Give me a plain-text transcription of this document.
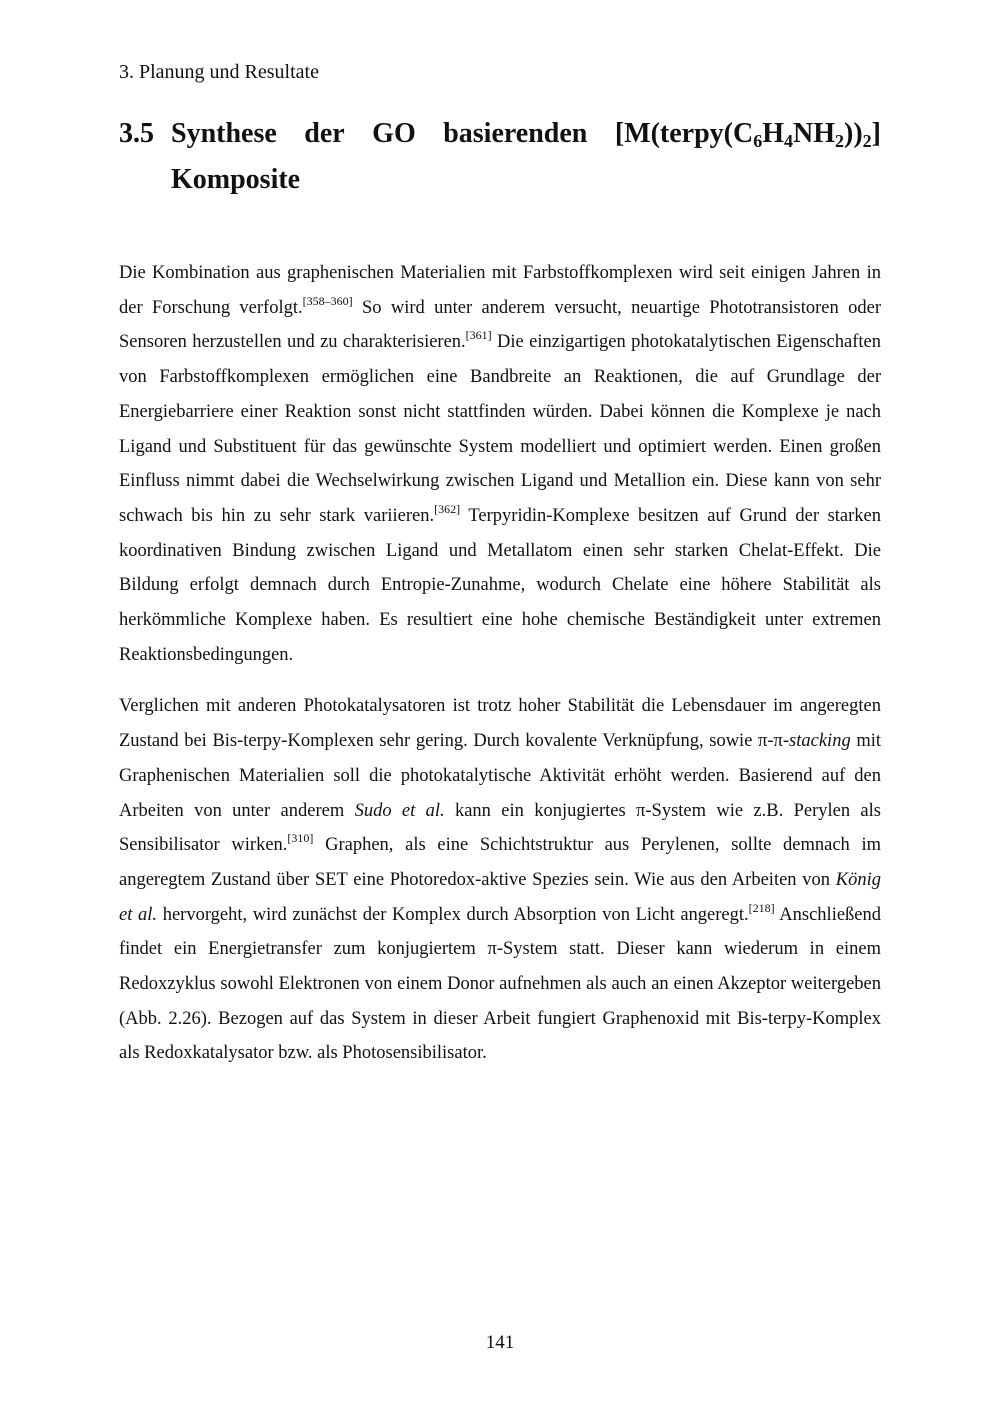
3. Planung und Resultate
3.5 Synthese der GO basierenden $[M(terpy(C_6H_4NH_2))_2]$
Komposite

Die Kombination aus graphenischen Materialien mit Farbstoffkomplexen wird seit einigen Jahren in der Forschung verfolgt.[358–360] So wird unter anderem versucht, neuartige Phototransistoren oder Sensoren herzustellen und zu charakterisieren.[361] Die einzigartigen photokatalytischen Eigenschaften von Farbstoffkomplexen ermöglichen eine Bandbreite an Reaktionen, die auf Grundlage der Energiebarriere einer Reaktion sonst nicht stattfinden würden. Dabei können die Komplexe je nach Ligand und Substituent für das gewünschte System modelliert und optimiert werden. Einen großen Einfluss nimmt dabei die Wechselwirkung zwischen Ligand und Metallion ein. Diese kann von sehr schwach bis hin zu sehr stark variieren.[362] Terpyridin-Komplexe besitzen auf Grund der starken koordinativen Bindung zwischen Ligand und Metallatom einen sehr starken Chelat-Effekt. Die Bildung erfolgt demnach durch Entropie-Zunahme, wodurch Chelate eine höhere Stabilität als herkömmliche Komplexe haben. Es resultiert eine hohe chemische Beständigkeit unter extremen Reaktionsbedingungen.

Verglichen mit anderen Photokatalysatoren ist trotz hoher Stabilität die Lebensdauer im angeregten Zustand bei Bis-terpy-Komplexen sehr gering. Durch kovalente Verknüpfung, sowie π-π-stacking mit Graphenischen Materialien soll die photokatalytische Aktivität erhöht werden. Basierend auf den Arbeiten von unter anderem Sudo et al. kann ein konjugiertes π-System wie z.B. Perylen als Sensibilisator wirken.[310] Graphen, als eine Schichtstruktur aus Perylenen, sollte demnach im angeregtem Zustand über SET eine Photoredox-aktive Spezies sein. Wie aus den Arbeiten von König et al. hervorgeht, wird zunächst der Komplex durch Absorption von Licht angeregt.[218] Anschließend findet ein Energietransfer zum konjugiertem π-System statt. Dieser kann wiederum in einem Redoxzyklus sowohl Elektronen von einem Donor aufnehmen als auch an einen Akzeptor weitergeben (Abb. 2.26). Bezogen auf das System in dieser Arbeit fungiert Graphenoxid mit Bis-terpy-Komplex als Redoxkatalysator bzw. als Photosensibilisator.

141
